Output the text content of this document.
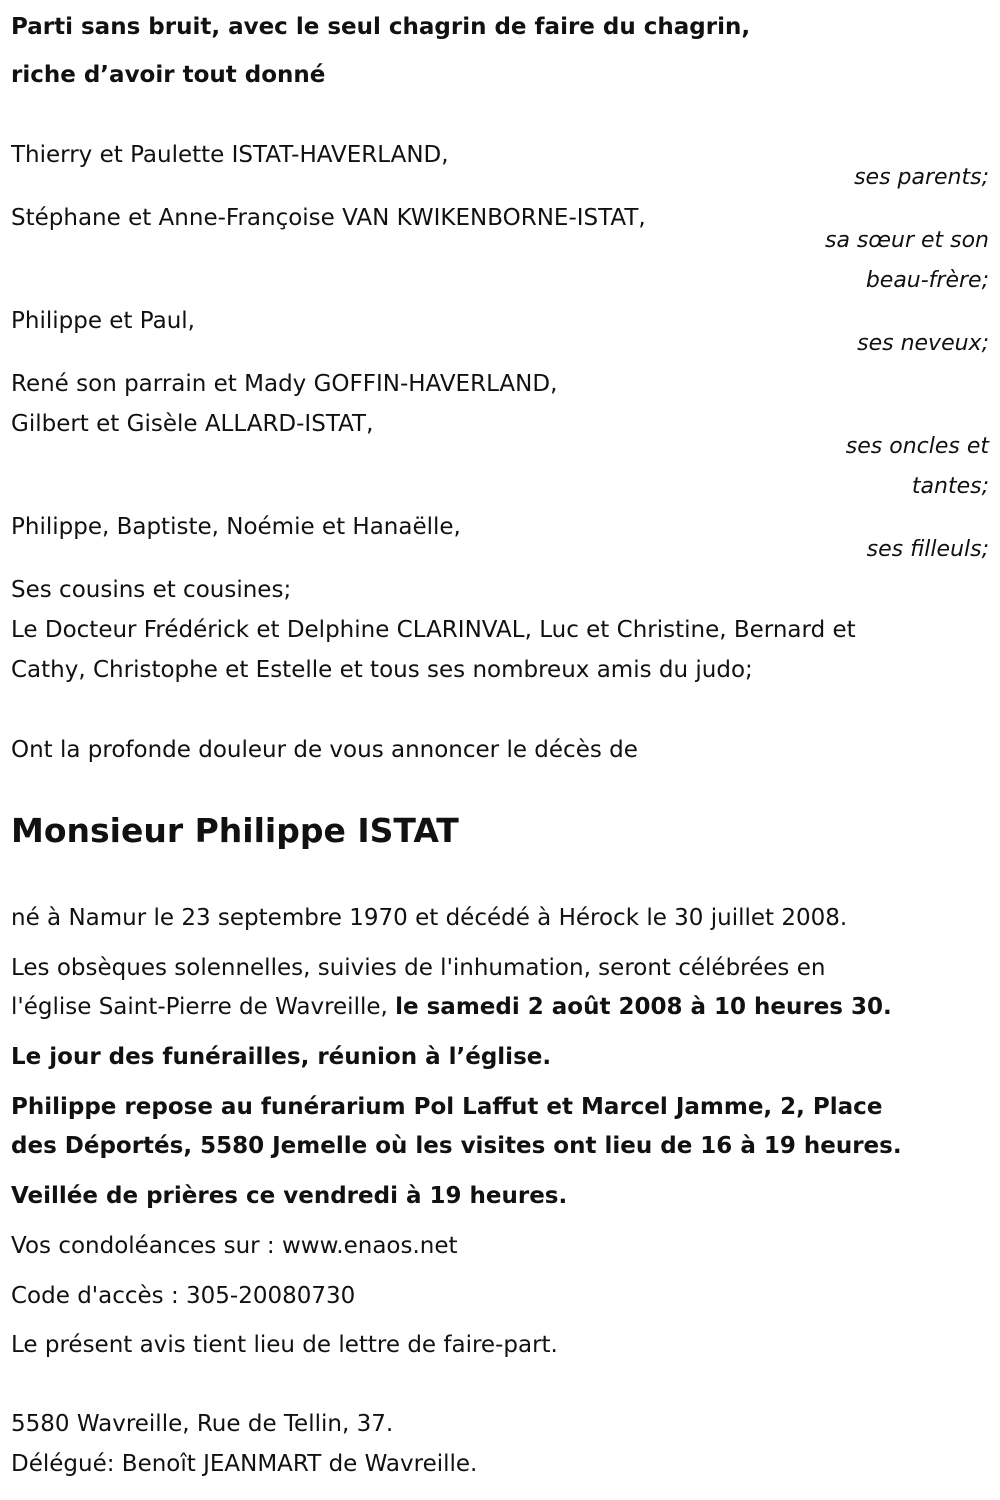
Parti sans bruit, avec le seul chagrin de faire du chagrin,

riche d’avoir tout donné

Thierry et Paulette ISTAT-HAVERLAND,

ses parents;

Stéphane et Anne-Françoise VAN KWIKENBORNE-ISTAT,

sa sœur et son

beau-frère;

Philippe et Paul,

ses neveux;

René son parrain et Mady GOFFIN-HAVERLAND,

Gilbert et Gisèle ALLARD-ISTAT,

ses oncles et

tantes;

Philippe, Baptiste, Noémie et Hanaëlle,

ses filleuls;

Ses cousins et cousines;

Le Docteur Frédérick et Delphine CLARINVAL, Luc et Christine, Bernard et

Cathy, Christophe et Estelle et tous ses nombreux amis du judo;

Ont la profonde douleur de vous annoncer le décès de

Monsieur Philippe ISTAT

né à Namur le 23 septembre 1970 et décédé à Hérock le 30 juillet 2008.

Les obsèques solennelles, suivies de l'inhumation, seront célébrées en

l'église Saint-Pierre de Wavreille, le samedi 2 août 2008 à 10 heures 30.

Le jour des funérailles, réunion à l’église.

Philippe repose au funérarium Pol Laffut et Marcel Jamme, 2, Place

des Déportés, 5580 Jemelle où les visites ont lieu de 16 à 19 heures.

Veillée de prières ce vendredi à 19 heures.

Vos condoléances sur : www.enaos.net

Code d'accès : 305-20080730

Le présent avis tient lieu de lettre de faire-part.

5580 Wavreille, Rue de Tellin, 37.

Délégué: Benoît JEANMART de Wavreille.
